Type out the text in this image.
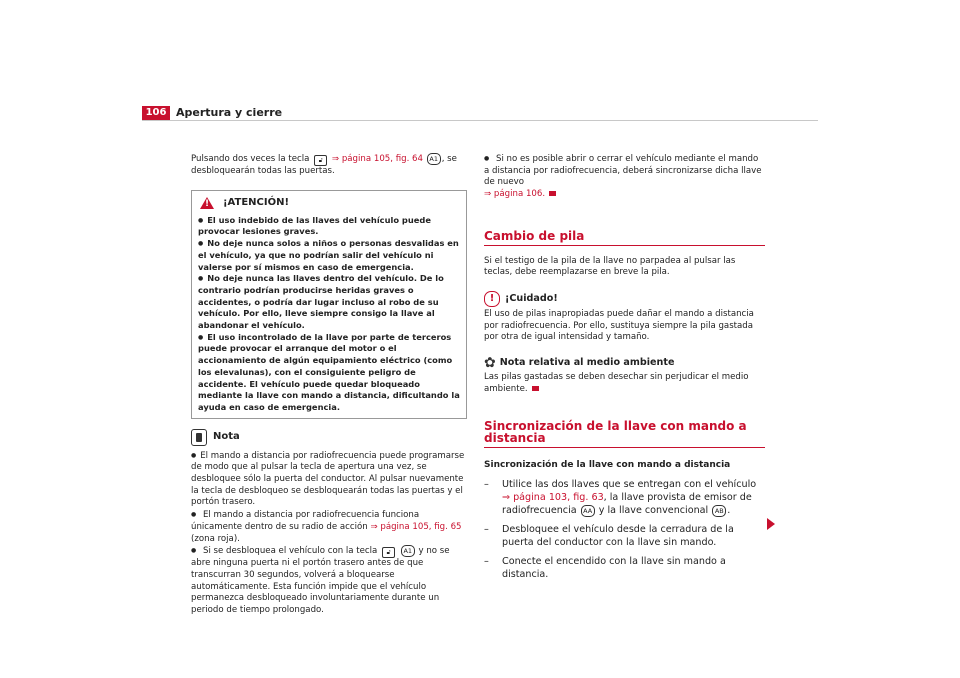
106 Apertura y cierre

Pulsando dos veces la tecla 🔓︎ ⇒ página 105, fig. 64 A1 , se desbloquearán todas las puertas.

! ¡ATENCIÓN!

● El uso indebido de las llaves del vehículo puede provocar lesiones graves.

● No deje nunca solos a niños o personas desvalidas en el vehículo, ya que no podrían salir del vehículo ni valerse por sí mismos en caso de emergencia.

● No deje nunca las llaves dentro del vehículo. De lo contrario podrían producirse heridas graves o accidentes, o podría dar lugar incluso al robo de su vehículo. Por ello, lleve siempre consigo la llave al abandonar el vehículo.

● El uso incontrolado de la llave por parte de terceros puede provocar el arranque del motor o el accionamiento de algún equipamiento eléctrico (como los elevalunas), con el consiguiente peligro de accidente. El vehículo puede quedar bloqueado mediante la llave con mando a distancia, dificultando la ayuda en caso de emergencia.

Nota

● El mando a distancia por radiofrecuencia puede programarse de modo que al pulsar la tecla de apertura una vez, se desbloquee sólo la puerta del conductor. Al pulsar nuevamente la tecla de desbloqueo se desbloquearán todas las puertas y el portón trasero.

● El mando a distancia por radiofrecuencia funciona únicamente dentro de su radio de acción ⇒ página 105, fig. 65 (zona roja).

● Si se desbloquea el vehículo con la tecla 🔓︎ A1 y no se abre ninguna puerta ni el portón trasero antes de que transcurran 30 segundos, volverá a bloquearse automáticamente. Esta función impide que el vehículo permanezca desbloqueado involuntariamente durante un periodo de tiempo prolongado.

● Si no es posible abrir o cerrar el vehículo mediante el mando a distancia por radiofrecuencia, deberá sincronizarse dicha llave de nuevo
⇒ página 106.

Cambio de pila

Si el testigo de la pila de la llave no parpadea al pulsar las teclas, debe reemplazarse en breve la pila.

!	¡Cuidado!

El uso de pilas inapropiadas puede dañar el mando a distancia por radiofrecuencia. Por ello, sustituya siempre la pila gastada por otra de igual intensidad y tamaño.

✿ Nota relativa al medio ambiente

Las pilas gastadas se deben desechar sin perjudicar el medio ambiente.

Sincronización de la llave con mando a distancia

Sincronización de la llave con mando a distancia

–	Utilice las dos llaves que se entregan con el vehículo
⇒ página 103, fig. 63, la llave provista de emisor de radiofrecuencia AA y la llave convencional AB .
–	Desbloquee el vehículo desde la cerradura de la puerta del conductor con la llave sin mando.
–	Conecte el encendido con la llave sin mando a distancia.
